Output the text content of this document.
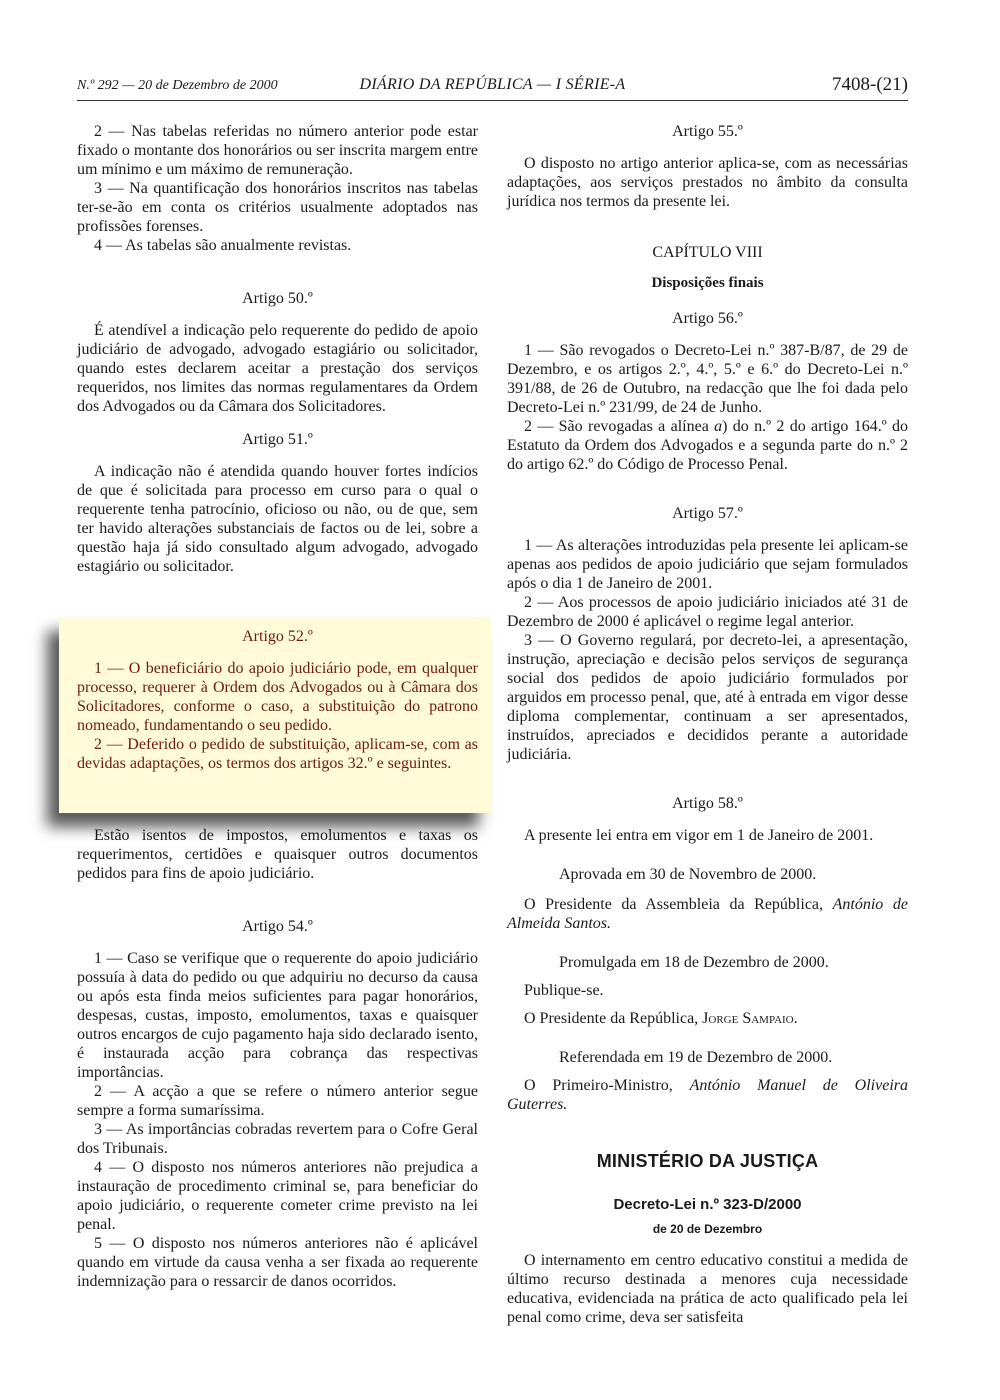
N.º 292 — 20 de Dezembro de 2000	DIÁRIO DA REPÚBLICA — I SÉRIE-A	7408-(21)

2 — Nas tabelas referidas no número anterior pode estar fixado o montante dos honorários ou ser inscrita margem entre um mínimo e um máximo de remuneração.

3 — Na quantificação dos honorários inscritos nas tabelas ter-se-ão em conta os critérios usualmente adoptados nas profissões forenses.

4 — As tabelas são anualmente revistas.

Artigo 50.º

É atendível a indicação pelo requerente do pedido de apoio judiciário de advogado, advogado estagiário ou solicitador, quando estes declarem aceitar a prestação dos serviços requeridos, nos limites das normas regulamentares da Ordem dos Advogados ou da Câmara dos Solicitadores.

Artigo 51.º

A indicação não é atendida quando houver fortes indícios de que é solicitada para processo em curso para o qual o requerente tenha patrocínio, oficioso ou não, ou de que, sem ter havido alterações substanciais de factos ou de lei, sobre a questão haja já sido consultado algum advogado, advogado estagiário ou solicitador.

Estão isentos de impostos, emolumentos e taxas os requerimentos, certidões e quaisquer outros documentos pedidos para fins de apoio judiciário.

Artigo 54.º

1 — Caso se verifique que o requerente do apoio judiciário possuía à data do pedido ou que adquiriu no decurso da causa ou após esta finda meios suficientes para pagar honorários, despesas, custas, imposto, emolumentos, taxas e quaisquer outros encargos de cujo pagamento haja sido declarado isento, é instaurada acção para cobrança das respectivas importâncias.

2 — A acção a que se refere o número anterior segue sempre a forma sumaríssima.

3 — As importâncias cobradas revertem para o Cofre Geral dos Tribunais.

4 — O disposto nos números anteriores não prejudica a instauração de procedimento criminal se, para beneficiar do apoio judiciário, o requerente cometer crime previsto na lei penal.

5 — O disposto nos números anteriores não é aplicável quando em virtude da causa venha a ser fixada ao requerente indemnização para o ressarcir de danos ocorridos.

Artigo 52.º

1 — O beneficiário do apoio judiciário pode, em qualquer processo, requerer à Ordem dos Advogados ou à Câmara dos Solicitadores, conforme o caso, a substituição do patrono nomeado, fundamentando o seu pedido.

2 — Deferido o pedido de substituição, aplicam-se, com as devidas adaptações, os termos dos artigos 32.º e seguintes.

Artigo 55.º

O disposto no artigo anterior aplica-se, com as necessárias adaptações, aos serviços prestados no âmbito da consulta jurídica nos termos da presente lei.

CAPÍTULO VIII

Disposições finais

Artigo 56.º

1 — São revogados o Decreto-Lei n.º 387-B/87, de 29 de Dezembro, e os artigos 2.º, 4.º, 5.º e 6.º do Decreto-Lei n.º 391/88, de 26 de Outubro, na redacção que lhe foi dada pelo Decreto-Lei n.º 231/99, de 24 de Junho.

2 — São revogadas a alínea a) do n.º 2 do artigo 164.º do Estatuto da Ordem dos Advogados e a segunda parte do n.º 2 do artigo 62.º do Código de Processo Penal.

Artigo 57.º

1 — As alterações introduzidas pela presente lei aplicam-se apenas aos pedidos de apoio judiciário que sejam formulados após o dia 1 de Janeiro de 2001.

2 — Aos processos de apoio judiciário iniciados até 31 de Dezembro de 2000 é aplicável o regime legal anterior.

3 — O Governo regulará, por decreto-lei, a apresentação, instrução, apreciação e decisão pelos serviços de segurança social dos pedidos de apoio judiciário formulados por arguidos em processo penal, que, até à entrada em vigor desse diploma complementar, continuam a ser apresentados, instruídos, apreciados e decididos perante a autoridade judiciária.

Artigo 58.º

A presente lei entra em vigor em 1 de Janeiro de 2001.

Aprovada em 30 de Novembro de 2000.

O Presidente da Assembleia da República, António de Almeida Santos.

Promulgada em 18 de Dezembro de 2000.

Publique-se.

O Presidente da República, Jorge Sampaio.

Referendada em 19 de Dezembro de 2000.

O Primeiro-Ministro, António Manuel de Oliveira Guterres.

MINISTÉRIO DA JUSTIÇA

Decreto-Lei n.º 323-D/2000

de 20 de Dezembro

O internamento em centro educativo constitui a medida de último recurso destinada a menores cuja necessidade educativa, evidenciada na prática de acto qualificado pela lei penal como crime, deva ser satisfeita
